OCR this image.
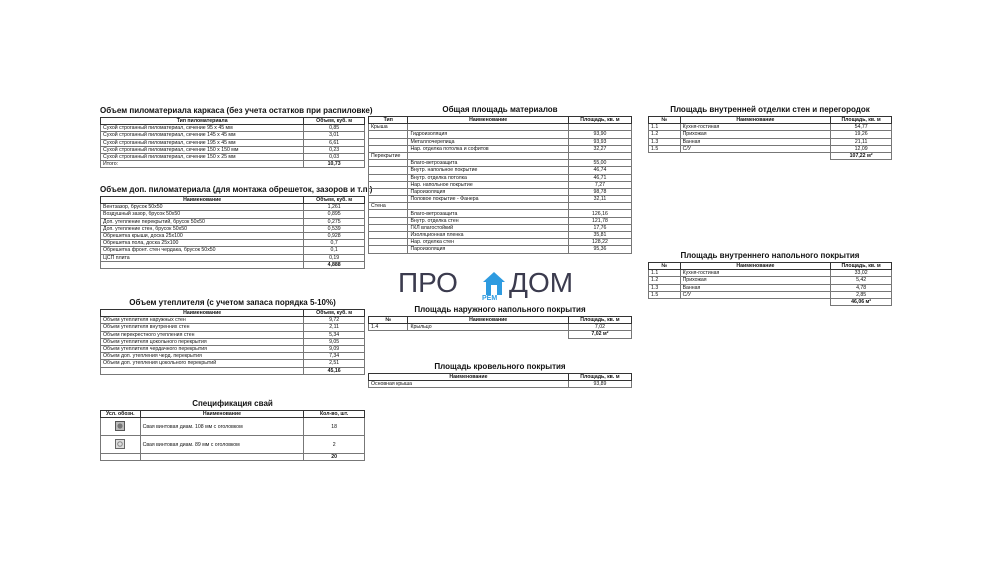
Объем пиломатериала каркаса (без учета остатков при распиловке)
Тип пиломатериала	Объем, куб. м
Сухой строганный пиломатериал, сечение 95 х 45 мм	0,85
Сухой строганный пиломатериал, сечение 145 х 45 мм	3,01
Сухой строганный пиломатериал, сечение 195 х 45 мм	6,61
Сухой строганный пиломатериал, сечение 150 х 150 мм	0,23
Сухой строганный пиломатериал, сечение 150 х 25 мм	0,03
Итого:	10,73
Объем доп. пиломатериала (для монтажа обрешеток, зазоров и т.п.)
Наименование	Объем, куб. м
Вентзазор, брусок 50х50	1,261
Воздушный зазор, брусок 50х50	0,895
Доп. утепление перекрытий, брусок 50х50	0,275
Доп. утепление стен, брусок 50х50	0,539
Обрешетка крыши, доска 25х100	0,928
Обрешетка пола, доска 25х100	0,7
Обрешетка фронт. стен чердака, брусок 50х50	0,1
ЦСП плита	0,19
	4,888
Объем утеплителя (с учетом запаса порядка 5-10%)
Наименование	Объем, куб. м
Объем утеплителя наружных стен	9,72
Объем утеплителя внутренних стен	2,11
Объем перекрестного утепления стен	5,34
Объем утеплителя цокольного перекрытия	9,05
Объем утеплителя чердачного перекрытия	9,09
Объем доп. утепления черд. перекрытия	7,34
Объем доп. утепления цокольного перекрытий	2,51
	45,16
Спецификация свай
Усл. обозн.	Наименование	Кол-во, шт.
	Свая винтовая диам. 108 мм с оголовком	18
	Свая винтовая диам. 89 мм с оголовком	2
		20
Общая площадь материалов
Тип	Наименование	Площадь, кв. м
Крыша		
	Гидроизоляция	93,90
	Металлочерепица	93,93
	Нар. отделка потолка и софитов	32,27
Перекрытие		
	Влаго-ветрозащита	55,00
	Внутр. напольное покрытие	46,74
	Внутр. отделка потолка	46,71
	Нар. напольное покрытие	7,27
	Пароизоляция	98,78
	Половое покрытие - Фанера	32,11
Стена		
	Влаго-ветрозащита	126,16
	Внутр. отделка стен	121,78
	ГКЛ влагостойкий	17,76
	Изоляционная пленка	35,81
	Нар. отделка стен	128,22
	Пароизоляция	95,36
ПРО
РЕМ
ДОМ
Площадь наружного напольного покрытия
№	Наименование	Площадь, кв. м
1.4	Крыльцо	7,02
		7,02 м²
Площадь кровельного покрытия
Наименование	Площадь, кв. м
Основная крыша	93,89
Площадь внутренней отделки стен и перегородок
№	Наименование	Площадь, кв. м
1.1	Кухня-гостиная	54,77
1.2	Прихожая	19,26
1.3	Ванная	21,11
1.5	С/У	12,09
		107,22 м²
Площадь внутреннего напольного покрытия
№	Наименование	Площадь, кв. м
1.1	Кухня-гостиная	33,02
1.2	Прихожая	5,42
1.3	Ванная	4,78
1.5	С/У	2,85
		46,06 м²
